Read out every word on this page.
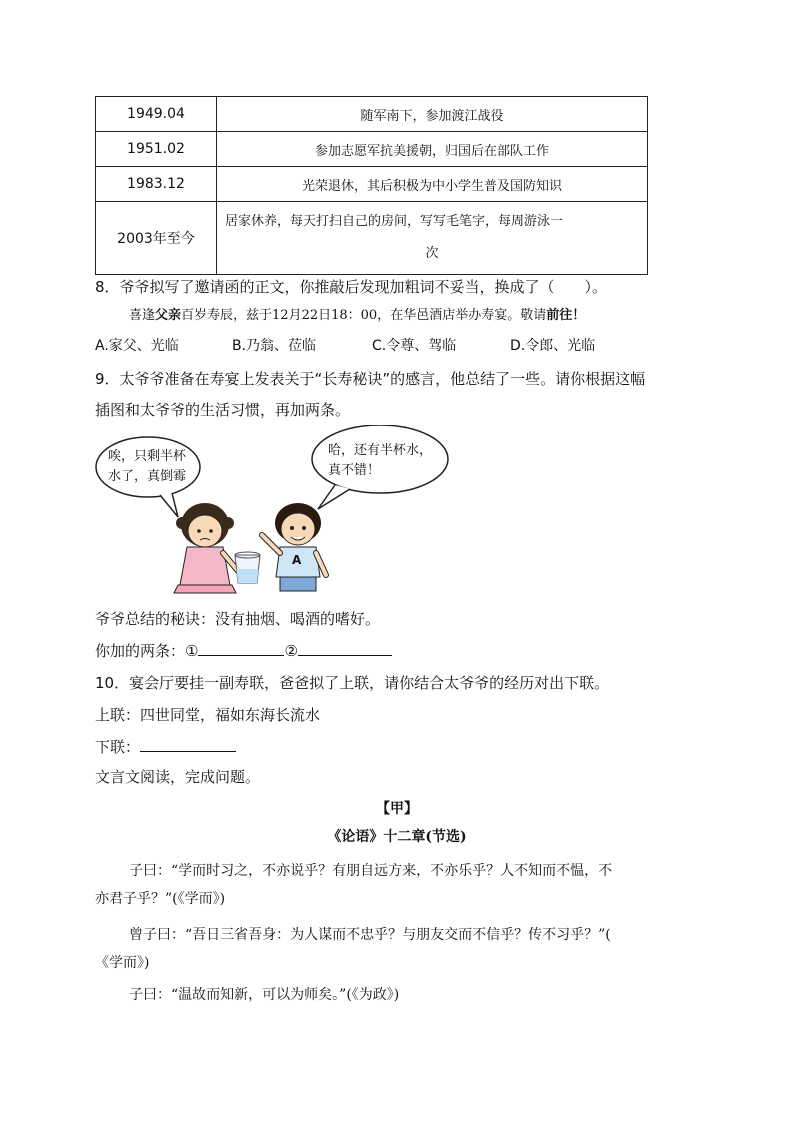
1949.04	随军南下，参加渡江战役
1951.02	参加志愿军抗美援朝，归国后在部队工作
1983.12	光荣退休，其后积极为中小学生普及国防知识
2003年至今	居家休养，每天打扫自己的房间，写写毛笔字，每周游泳一
次
8．爷爷拟写了邀请函的正文，你推敲后发现加粗词不妥当，换成了（　　）。
喜逢父亲百岁寿辰，兹于12月22日18：00，在华邑酒店举办寿宴。敬请前往！
A.家父、光临	B.乃翁、莅临	C.令尊、驾临	D.令郎、光临
9．太爷爷准备在寿宴上发表关于“长寿秘诀”的感言，他总结了一些。请你根据这幅
插图和太爷爷的生活习惯，再加两条。
唉，只剩半杯
水了，真倒霉
哈，还有半杯水，
真不错！
A
爷爷总结的秘诀：没有抽烟、喝酒的嗜好。
你加的两条：①	②
10．宴会厅要挂一副寿联，爸爸拟了上联，请你结合太爷爷的经历对出下联。
上联：四世同堂，福如东海长流水
下联：
文言文阅读，完成问题。
【甲】
《论语》十二章(节选)
子曰：“学而时习之，不亦说乎？有朋自远方来，不亦乐乎？人不知而不愠，不
亦君子乎？”(《学而》)
曾子曰：“吾日三省吾身：为人谋而不忠乎？与朋友交而不信乎？传不习乎？”(
《学而》)
子曰：“温故而知新，可以为师矣。”(《为政》)
